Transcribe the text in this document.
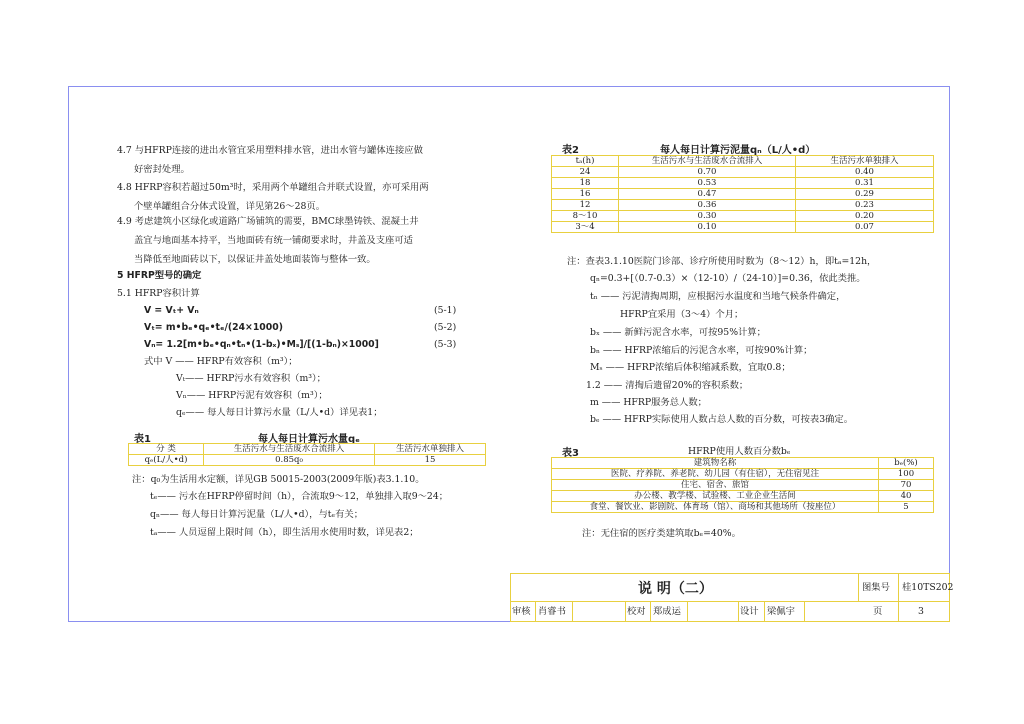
4.7 与HFRP连接的进出水管宜采用塑料排水管，进出水管与罐体连接应做
好密封处理。
4.8 HFRP容积若超过50m³时，采用两个单罐组合并联式设置，亦可采用两
个壁单罐组合分体式设置，详见第26～28页。
4.9 考虑建筑小区绿化或道路广场铺筑的需要，BMC球墨铸铁、混凝土井
盖宜与地面基本持平，当地面砖有统一铺砌要求时，井盖及支座可适
当降低至地面砖以下，以保证井盖处地面装饰与整体一致。
5 HFRP型号的确定
5.1 HFRP容积计算
V = Vₜ+ Vₙ	(5-1)
Vₜ= m•bₑ•qₑ•tₑ/(24×1000)	(5-2)
Vₙ= 1.2[m•bₑ•qₙ•tₙ•(1-bₓ)•Mₛ]/[(1-bₙ)×1000]	(5-3)
式中 V —— HFRP有效容积（m³）；
Vₜ—— HFRP污水有效容积（m³）；
Vₙ—— HFRP污泥有效容积（m³）；
qₑ—— 每人每日计算污水量（L/人•d）详见表1；
表1	每人每日计算污水量qₑ
分 类	生活污水与生活废水合流排入	生活污水单独排入
qₑ(L/人•d)	0.85q₀	15
注：q₀为生活用水定额，详见GB 50015-2003(2009年版)表3.1.10。
tₑ—— 污水在HFRP停留时间（h），合流取9～12，单独排入取9～24；
qₙ—— 每人每日计算污泥量（L/人•d），与tₑ有关；
tₐ—— 人员逗留上限时间（h），即生活用水使用时数，详见表2；
表2	每人每日计算污泥量qₙ（L/人•d）
tₐ(h)	生活污水与生活废水合流排入	生活污水单独排入
24	0.70	0.40
18	0.53	0.31
16	0.47	0.29
12	0.36	0.23
8～10	0.30	0.20
3～4	0.10	0.07
注：查表3.1.10医院门诊部、诊疗所使用时数为（8～12）h，即tₐ=12h，
qₙ=0.3+[（0.7-0.3）×（12-10）/（24-10）]=0.36，依此类推。
tₙ —— 污泥清掏周期，应根据污水温度和当地气候条件确定，
HFRP宜采用（3～4）个月；
bₓ —— 新鲜污泥含水率，可按95%计算；
bₙ —— HFRP浓缩后的污泥含水率，可按90%计算；
Mₛ —— HFRP浓缩后体积缩减系数，宜取0.8；
1.2 —— 清掏后遗留20%的容积系数；
m —— HFRP服务总人数；
bₑ —— HFRP实际使用人数占总人数的百分数，可按表3确定。
表3	HFRP使用人数百分数bₑ
建筑物名称	bₑ(%)
医院、疗养院、养老院、幼儿园（有住宿），无住宿见注	100
住宅、宿舍、旅馆	70
办公楼、教学楼、试验楼、工业企业生活间	40
食堂、餐饮业、影剧院、体育场（馆）、商场和其他场所（按座位）	5
注：无住宿的医疗类建筑取bₑ=40%。
说 明（二）	图集号 桂10TS202
审核 肖睿书	校对 郑成运	设计 梁佩宇	页	3
